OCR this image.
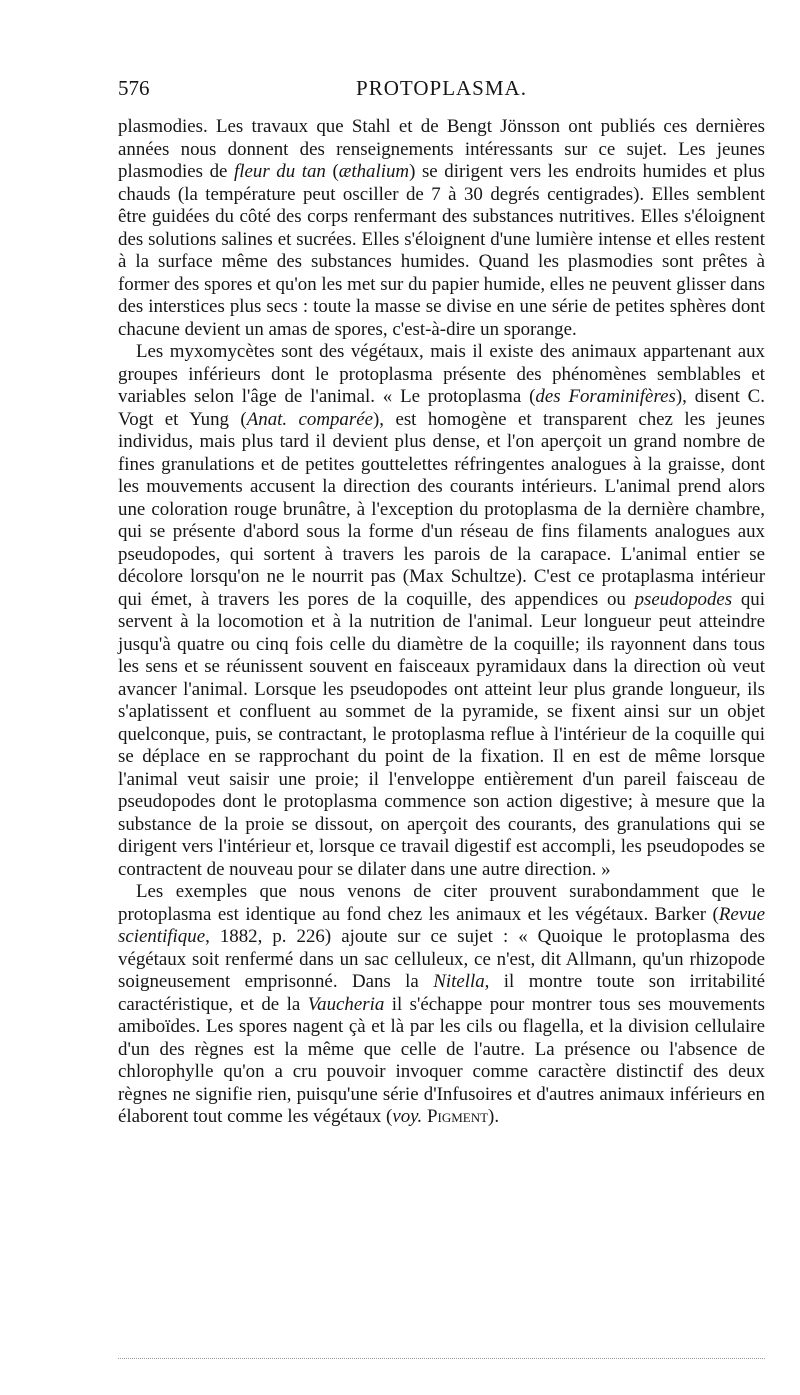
576	PROTOPLASMA.

plasmodies. Les travaux que Stahl et de Bengt Jönsson ont publiés ces dernières années nous donnent des renseignements intéressants sur ce sujet. Les jeunes plasmodies de fleur du tan (æthalium) se dirigent vers les endroits humides et plus chauds (la température peut osciller de 7 à 30 degrés centigrades). Elles semblent être guidées du côté des corps renfermant des substances nutritives. Elles s'éloignent des solutions salines et sucrées. Elles s'éloignent d'une lumière intense et elles restent à la surface même des substances humides. Quand les plasmodies sont prêtes à former des spores et qu'on les met sur du papier humide, elles ne peuvent glisser dans des interstices plus secs : toute la masse se divise en une série de petites sphères dont chacune devient un amas de spores, c'est-à-dire un sporange.

Les myxomycètes sont des végétaux, mais il existe des animaux appartenant aux groupes inférieurs dont le protoplasma présente des phénomènes semblables et variables selon l'âge de l'animal. « Le protoplasma (des Foraminifères), disent C. Vogt et Yung (Anat. comparée), est homogène et transparent chez les jeunes individus, mais plus tard il devient plus dense, et l'on aperçoit un grand nombre de fines granulations et de petites gouttelettes réfringentes analogues à la graisse, dont les mouvements accusent la direction des courants intérieurs. L'animal prend alors une coloration rouge brunâtre, à l'exception du protoplasma de la dernière chambre, qui se présente d'abord sous la forme d'un réseau de fins filaments analogues aux pseudopodes, qui sortent à travers les parois de la carapace. L'animal entier se décolore lorsqu'on ne le nourrit pas (Max Schultze). C'est ce protaplasma intérieur qui émet, à travers les pores de la coquille, des appendices ou pseudopodes qui servent à la locomotion et à la nutrition de l'animal. Leur longueur peut atteindre jusqu'à quatre ou cinq fois celle du diamètre de la coquille; ils rayonnent dans tous les sens et se réunissent souvent en faisceaux pyramidaux dans la direction où veut avancer l'animal. Lorsque les pseudopodes ont atteint leur plus grande longueur, ils s'aplatissent et confluent au sommet de la pyramide, se fixent ainsi sur un objet quelconque, puis, se contractant, le protoplasma reflue à l'intérieur de la coquille qui se déplace en se rapprochant du point de la fixation. Il en est de même lorsque l'animal veut saisir une proie; il l'enveloppe entièrement d'un pareil faisceau de pseudopodes dont le protoplasma commence son action digestive; à mesure que la substance de la proie se dissout, on aperçoit des courants, des granulations qui se dirigent vers l'intérieur et, lorsque ce travail digestif est accompli, les pseudopodes se contractent de nouveau pour se dilater dans une autre direction. »

Les exemples que nous venons de citer prouvent surabondamment que le protoplasma est identique au fond chez les animaux et les végétaux. Barker (Revue scientifique, 1882, p. 226) ajoute sur ce sujet : « Quoique le protoplasma des végétaux soit renfermé dans un sac celluleux, ce n'est, dit Allmann, qu'un rhizopode soigneusement emprisonné. Dans la Nitella, il montre toute son irritabilité caractéristique, et de la Vaucheria il s'échappe pour montrer tous ses mouvements amiboïdes. Les spores nagent çà et là par les cils ou flagella, et la division cellulaire d'un des règnes est la même que celle de l'autre. La présence ou l'absence de chlorophylle qu'on a cru pouvoir invoquer comme caractère distinctif des deux règnes ne signifie rien, puisqu'une série d'Infusoires et d'autres animaux inférieurs en élaborent tout comme les végétaux (voy. Pigment).
